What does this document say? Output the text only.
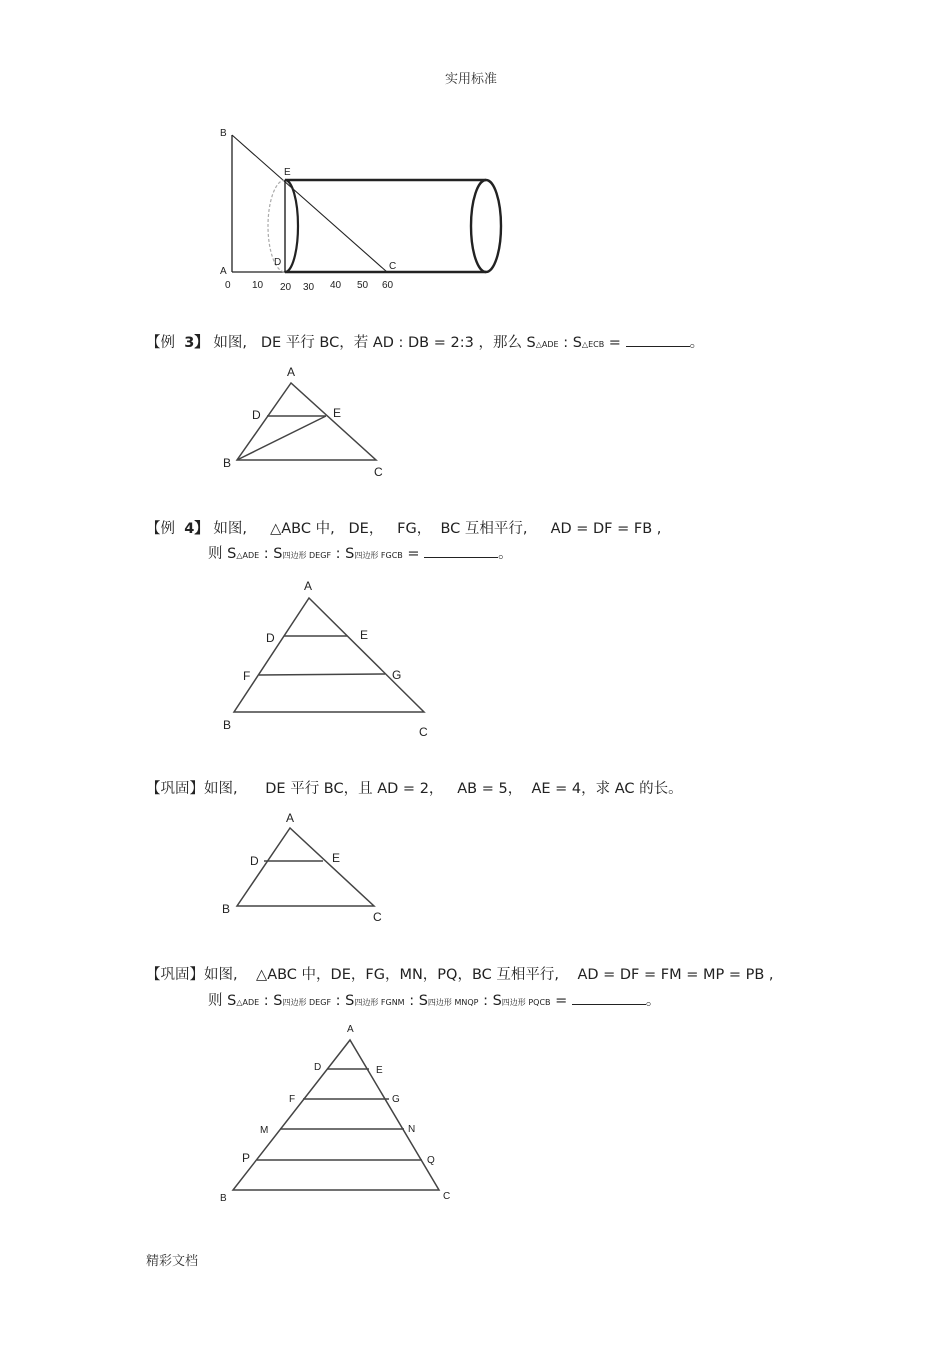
实用标准
B
E
A
D	C
0 10 20 30 40 50 60
【例 3】 如图, DE 平行 BC，若 AD : DB = 2:3 ，那么 S△ADE : S△ECB =	。
A
D	E
B
C
【例 4】 如图, △ABC 中, DE， FG， BC 互相平行, AD = DF = FB ,
则 S△ADE : S四边形 DEGF : S四边形 FGCB =	。
A
D	E
F	G
B	C
【巩固】如图, DE 平行 BC，且 AD = 2， AB = 5， AE = 4，求 AC 的长。
A
D	E
B
C
【巩固】如图, △ABC 中，DE，FG，MN，PQ，BC 互相平行, AD = DF = FM = MP = PB ,
则 S△ADE : S四边形 DEGF : S四边形 FGNM : S四边形 MNQP : S四边形 PQCB =	。
A
D	E
F	G
M	N
P	Q
B	C
精彩文档
